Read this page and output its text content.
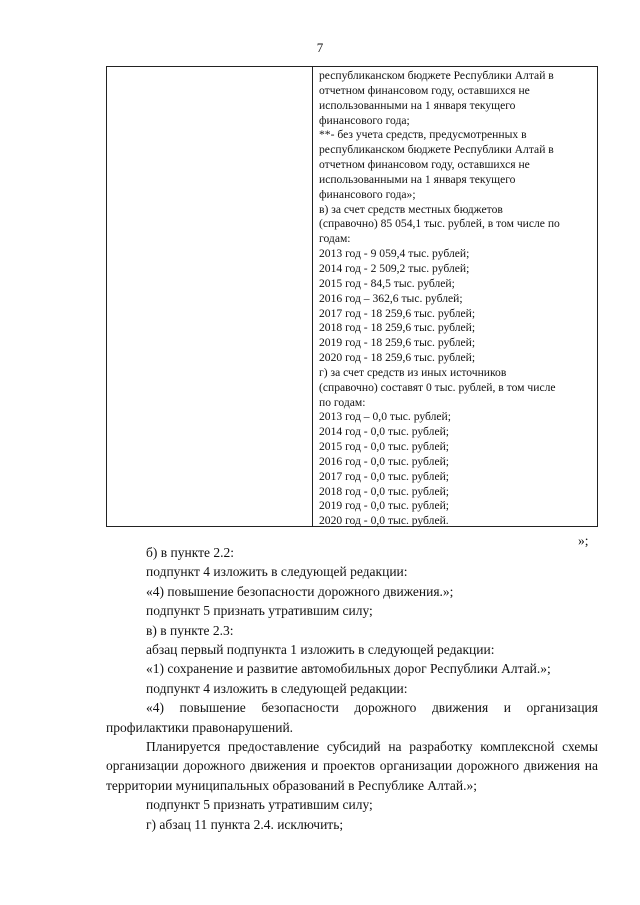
7
республиканском бюджете Республики Алтай в
отчетном финансовом году, оставшихся не
использованными на 1 января текущего
финансового года;
**- без учета средств, предусмотренных в
республиканском бюджете Республики Алтай в
отчетном финансовом году, оставшихся не
использованными на 1 января текущего
финансового года»;
в) за счет средств местных бюджетов
(справочно) 85 054,1 тыс. рублей, в том числе по
годам:
2013 год - 9 059,4 тыс. рублей;
2014 год - 2 509,2 тыс. рублей;
2015 год - 84,5 тыс. рублей;
2016 год – 362,6 тыс. рублей;
2017 год - 18 259,6 тыс. рублей;
2018 год - 18 259,6 тыс. рублей;
2019 год - 18 259,6 тыс. рублей;
2020 год - 18 259,6 тыс. рублей;
г) за счет средств из иных источников
(справочно) составят 0 тыс. рублей, в том числе
по годам:
2013 год – 0,0 тыс. рублей;
2014 год - 0,0 тыс. рублей;
2015 год - 0,0 тыс. рублей;
2016 год - 0,0 тыс. рублей;
2017 год - 0,0 тыс. рублей;
2018 год - 0,0 тыс. рублей;
2019 год - 0,0 тыс. рублей;
2020 год - 0,0 тыс. рублей.
»;

б) в пункте 2.2:

подпункт 4 изложить в следующей редакции:

«4) повышение безопасности дорожного движения.»;

подпункт 5 признать утратившим силу;

в) в пункте 2.3:

абзац первый подпункта 1 изложить в следующей редакции:

«1) сохранение и развитие автомобильных дорог Республики Алтай.»;

подпункт 4 изложить в следующей редакции:

«4) повышение безопасности дорожного движения и организация профилактики правонарушений.

Планируется предоставление субсидий на разработку комплексной схемы организации дорожного движения и проектов организации дорожного движения на территории муниципальных образований в Республике Алтай.»;

подпункт 5 признать утратившим силу;

г) абзац 11 пункта 2.4. исключить;
